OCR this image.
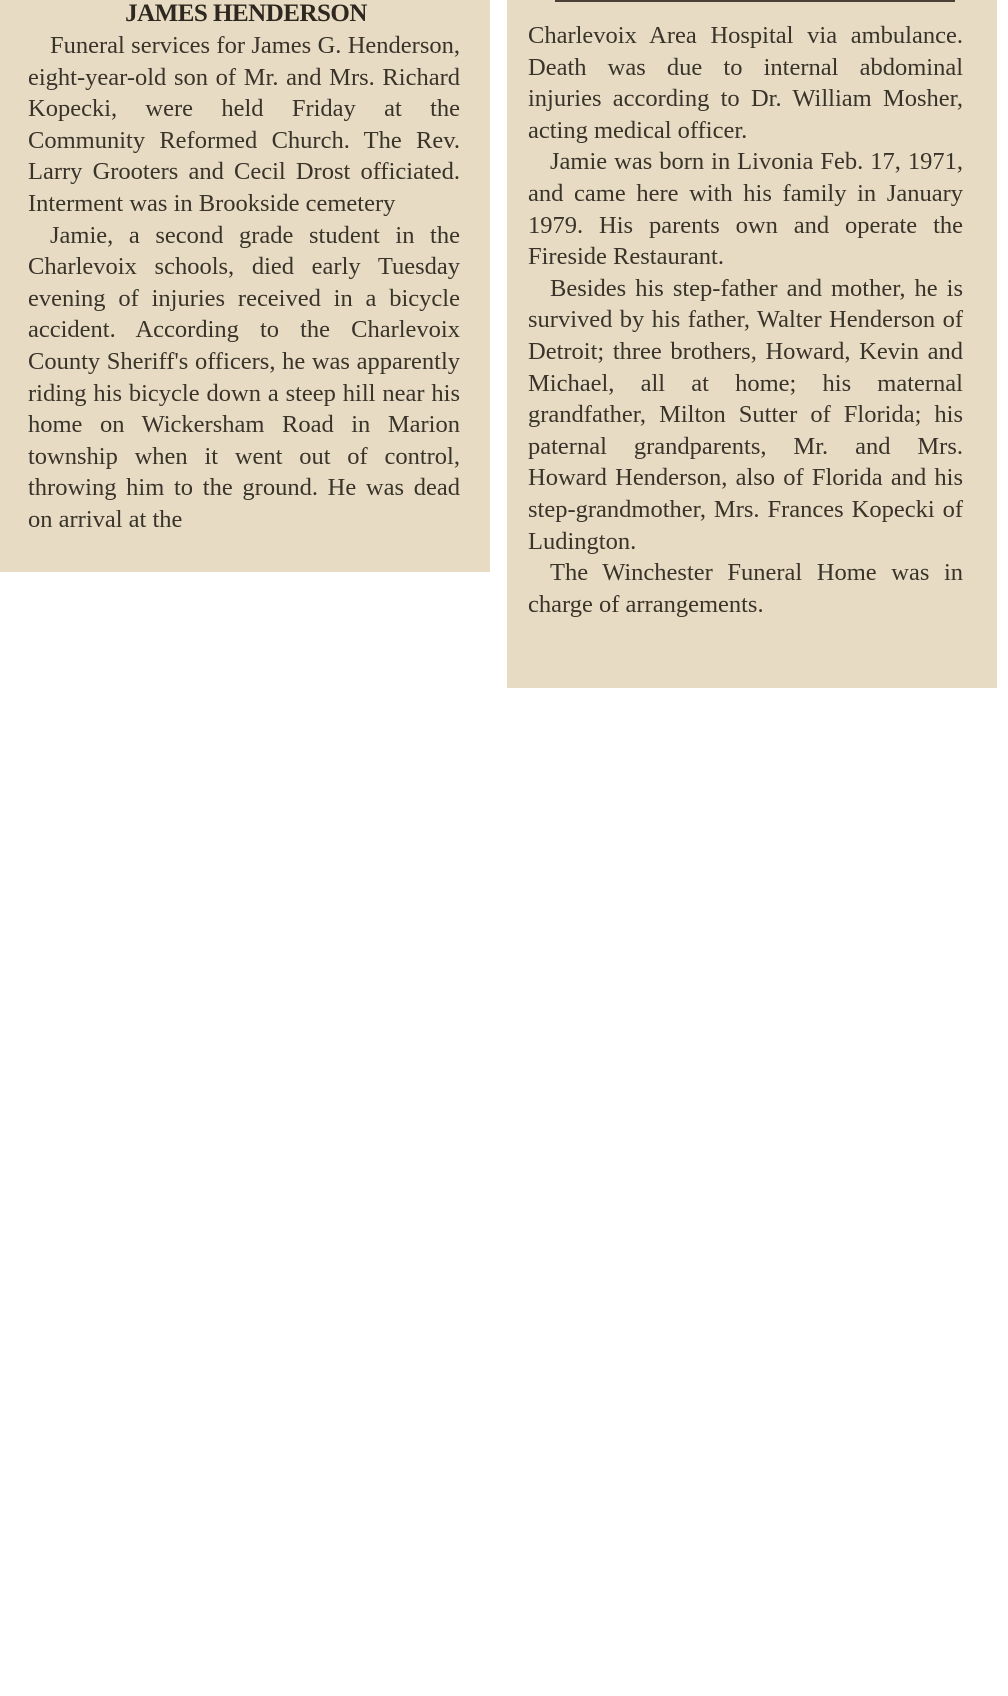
JAMES HENDERSON

Funeral services for James G. Henderson, eight-year-old son of Mr. and Mrs. Richard Kopecki, were held Friday at the Community Reformed Church. The Rev. Larry Grooters and Cecil Drost officiated. Interment was in Brookside cemetery

Jamie, a second grade student in the Charlevoix schools, died early Tuesday evening of injuries received in a bicycle accident. According to the Charlevoix County Sheriff's officers, he was apparently riding his bicycle down a steep hill near his home on Wickersham Road in Marion township when it went out of control, throwing him to the ground. He was dead on arrival at the

Charlevoix Area Hospital via ambulance. Death was due to internal abdominal injuries according to Dr. William Mosher, acting medical officer.

Jamie was born in Livonia Feb. 17, 1971, and came here with his family in January 1979. His parents own and operate the Fireside Restaurant.

Besides his step-father and mother, he is survived by his father, Walter Henderson of Detroit; three brothers, Howard, Kevin and Michael, all at home; his maternal grandfather, Milton Sutter of Florida; his paternal grandparents, Mr. and Mrs. Howard Henderson, also of Florida and his step-grandmother, Mrs. Frances Kopecki of Ludington.

The Winchester Funeral Home was in charge of arrangements.
